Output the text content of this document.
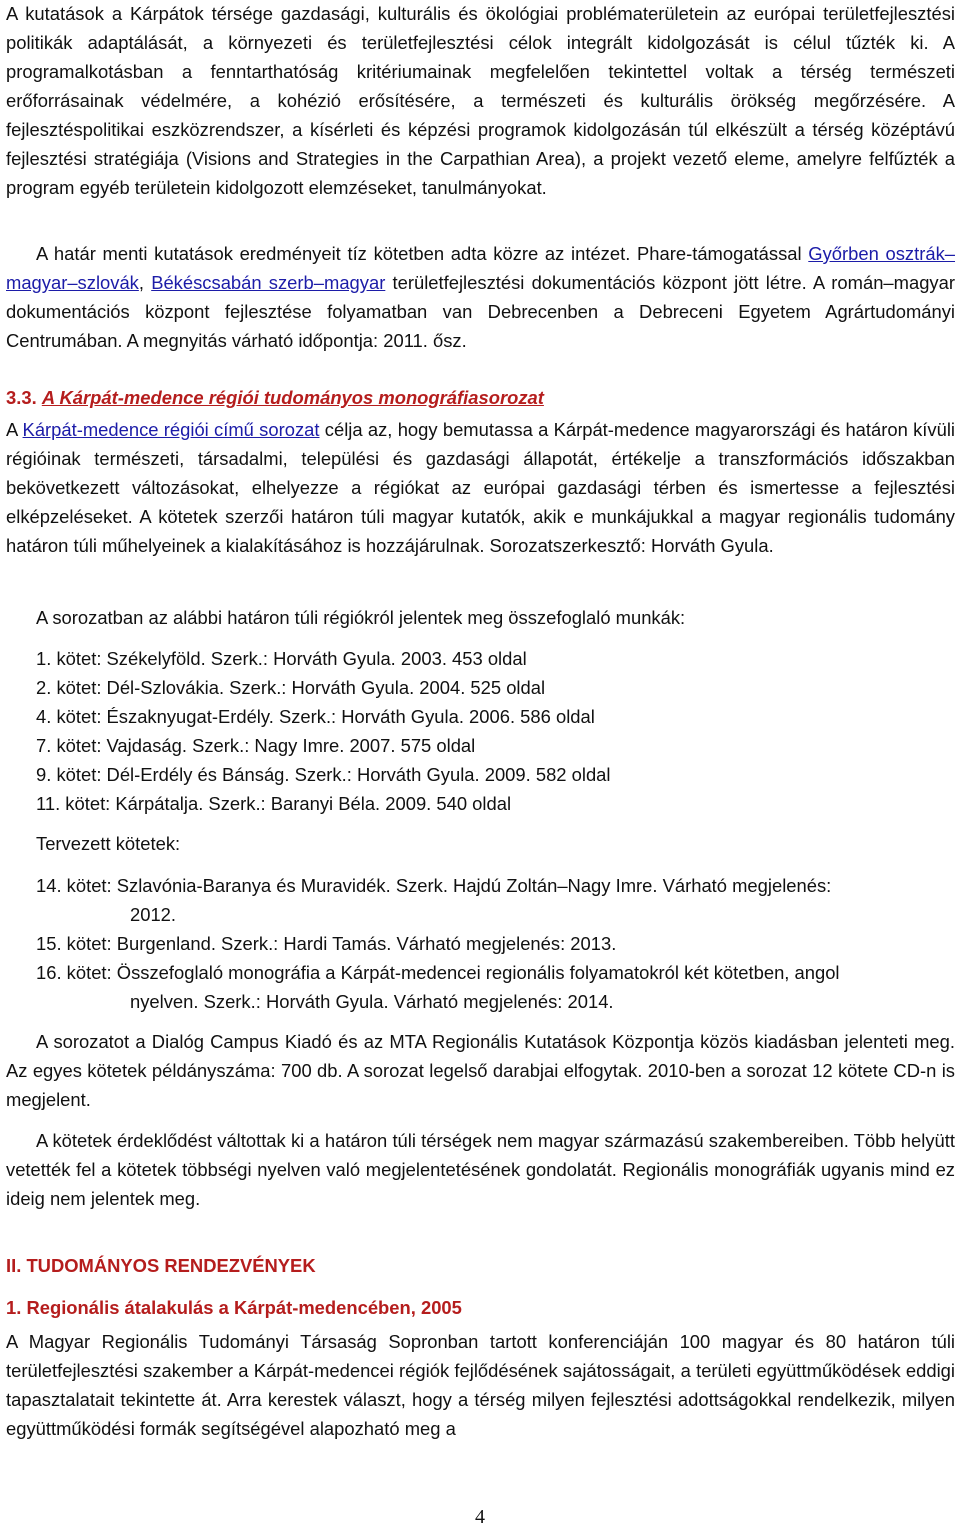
A kutatások a Kárpátok térsége gazdasági, kulturális és ökológiai problématerületein az európai területfejlesztési politikák adaptálását, a környezeti és területfejlesztési célok integrált kidolgozását is célul tűzték ki. A programalkotásban a fenntarthatóság kritériumainak megfelelően tekintettel voltak a térség természeti erőforrásainak védelmére, a kohézió erősítésére, a természeti és kulturális örökség megőrzésére. A fejlesztéspolitikai eszközrendszer, a kísérleti és képzési programok kidolgozásán túl elkészült a térség középtávú fejlesztési stratégiája (Visions and Strategies in the Carpathian Area), a projekt vezető eleme, amelyre felfűzték a program egyéb területein kidolgozott elemzéseket, tanulmányokat.

A határ menti kutatások eredményeit tíz kötetben adta közre az intézet. Phare-támogatással Győrben osztrák–magyar–szlovák, Békéscsabán szerb–magyar területfejlesztési dokumentációs központ jött létre. A román–magyar dokumentációs központ fejlesztése folyamatban van Debrecenben a Debreceni Egyetem Agrártudományi Centrumában. A megnyitás várható időpontja: 2011. ősz.

3.3. A Kárpát-medence régiói tudományos monográfiasorozat

A Kárpát-medence régiói című sorozat célja az, hogy bemutassa a Kárpát-medence magyarországi és határon kívüli régióinak természeti, társadalmi, települési és gazdasági állapotát, értékelje a transzformációs időszakban bekövetkezett változásokat, elhelyezze a régiókat az európai gazdasági térben és ismertesse a fejlesztési elképzeléseket. A kötetek szerzői határon túli magyar kutatók, akik e munkájukkal a magyar regionális tudomány határon túli műhelyeinek a kialakításához is hozzájárulnak. Sorozatszerkesztő: Horváth Gyula.

A sorozatban az alábbi határon túli régiókról jelentek meg összefoglaló munkák:

1. kötet: Székelyföld. Szerk.: Horváth Gyula. 2003. 453 oldal
2. kötet: Dél-Szlovákia. Szerk.: Horváth Gyula. 2004. 525 oldal
4. kötet: Északnyugat-Erdély. Szerk.: Horváth Gyula. 2006. 586 oldal
7. kötet: Vajdaság. Szerk.: Nagy Imre. 2007. 575 oldal
9. kötet: Dél-Erdély és Bánság. Szerk.: Horváth Gyula. 2009. 582 oldal
11. kötet: Kárpátalja. Szerk.: Baranyi Béla. 2009. 540 oldal

Tervezett kötetek:

14. kötet: Szlavónia-Baranya és Muravidék. Szerk. Hajdú Zoltán–Nagy Imre. Várható megjelenés:
2012.
15. kötet: Burgenland. Szerk.: Hardi Tamás. Várható megjelenés: 2013.
16. kötet: Összefoglaló monográfia a Kárpát-medencei regionális folyamatokról két kötetben, angol
nyelven. Szerk.: Horváth Gyula. Várható megjelenés: 2014.

A sorozatot a Dialóg Campus Kiadó és az MTA Regionális Kutatások Központja közös kiadásban jelenteti meg. Az egyes kötetek példányszáma: 700 db. A sorozat legelső darabjai elfogytak. 2010-ben a sorozat 12 kötete CD-n is megjelent.

A kötetek érdeklődést váltottak ki a határon túli térségek nem magyar származású szakembereiben. Több helyütt vetették fel a kötetek többségi nyelven való megjelentetésének gondolatát. Regionális monográfiák ugyanis mind ez ideig nem jelentek meg.

II. TUDOMÁNYOS RENDEZVÉNYEK
1. Regionális átalakulás a Kárpát-medencében, 2005

A Magyar Regionális Tudományi Társaság Sopronban tartott konferenciáján 100 magyar és 80 határon túli területfejlesztési szakember a Kárpát-medencei régiók fejlődésének sajátosságait, a területi együttműködések eddigi tapasztalatait tekintette át. Arra kerestek választ, hogy a térség milyen fejlesztési adottságokkal rendelkezik, milyen együttműködési formák segítségével alapozható meg a

4
